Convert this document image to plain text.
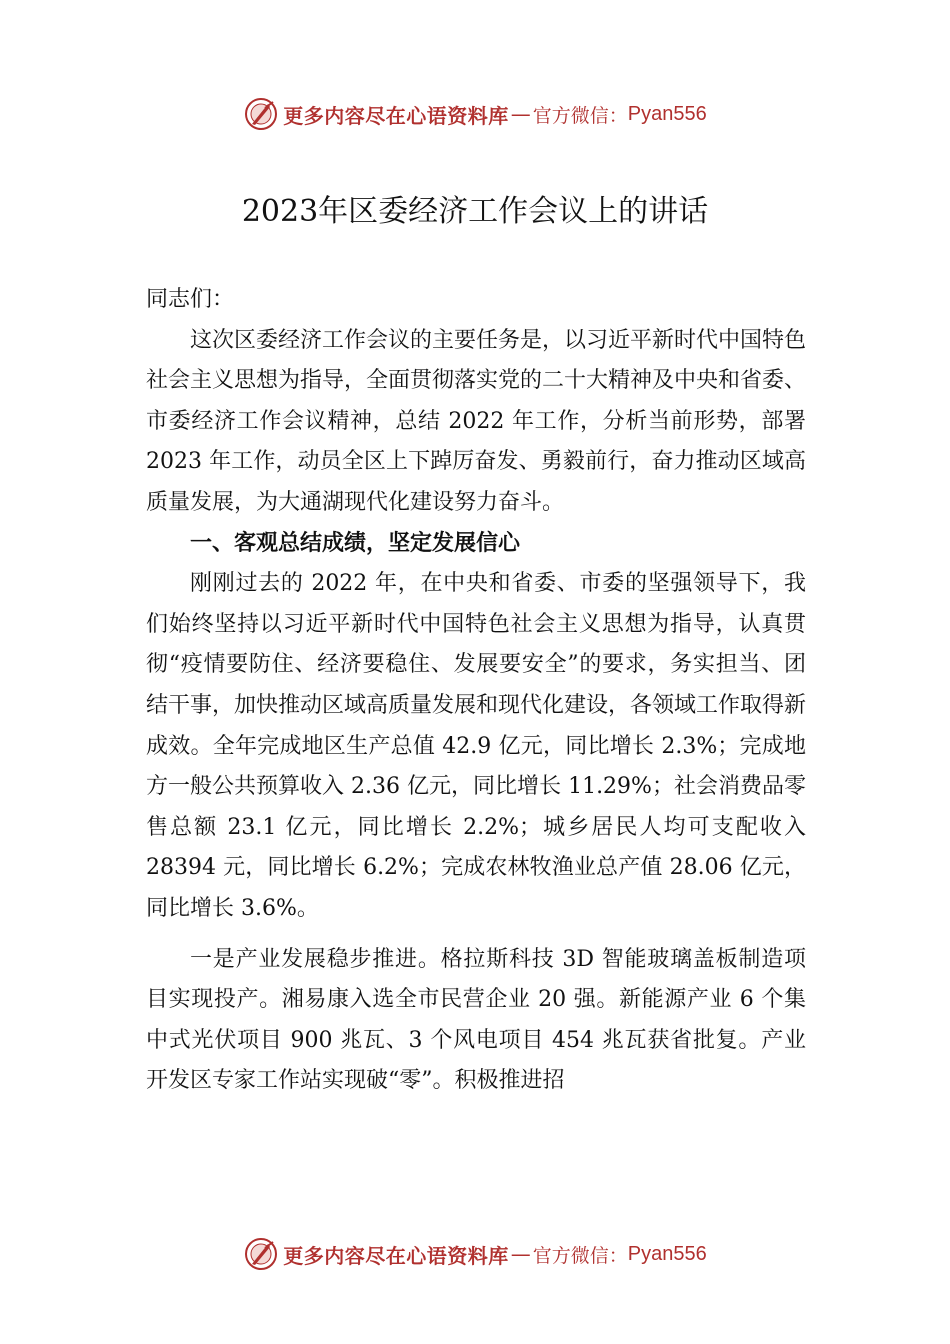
更多内容尽在心语资料库 — 官方微信： Pyan556
2023年区委经济工作会议上的讲话

同志们：

这次区委经济工作会议的主要任务是，以习近平新时代中国特色社会主义思想为指导，全面贯彻落实党的二十大精神及中央和省委、市委经济工作会议精神，总结 2022 年工作，分析当前形势，部署 2023 年工作，动员全区上下踔厉奋发、勇毅前行，奋力推动区域高质量发展，为大通湖现代化建设努力奋斗。

一、客观总结成绩，坚定发展信心

刚刚过去的 2022 年，在中央和省委、市委的坚强领导下，我们始终坚持以习近平新时代中国特色社会主义思想为指导，认真贯彻“疫情要防住、经济要稳住、发展要安全”的要求，务实担当、团结干事，加快推动区域高质量发展和现代化建设，各领域工作取得新成效。全年完成地区生产总值 42.9 亿元，同比增长 2.3%；完成地方一般公共预算收入 2.36 亿元，同比增长 11.29%；社会消费品零售总额 23.1 亿元，同比增长 2.2%；城乡居民人均可支配收入 28394 元，同比增长 6.2%；完成农林牧渔业总产值 28.06 亿元，同比增长 3.6%。

一是产业发展稳步推进。格拉斯科技 3D 智能玻璃盖板制造项目实现投产。湘易康入选全市民营企业 20 强。新能源产业 6 个集中式光伏项目 900 兆瓦、3 个风电项目 454 兆瓦获省批复。产业开发区专家工作站实现破“零”。积极推进招

更多内容尽在心语资料库 — 官方微信： Pyan556
